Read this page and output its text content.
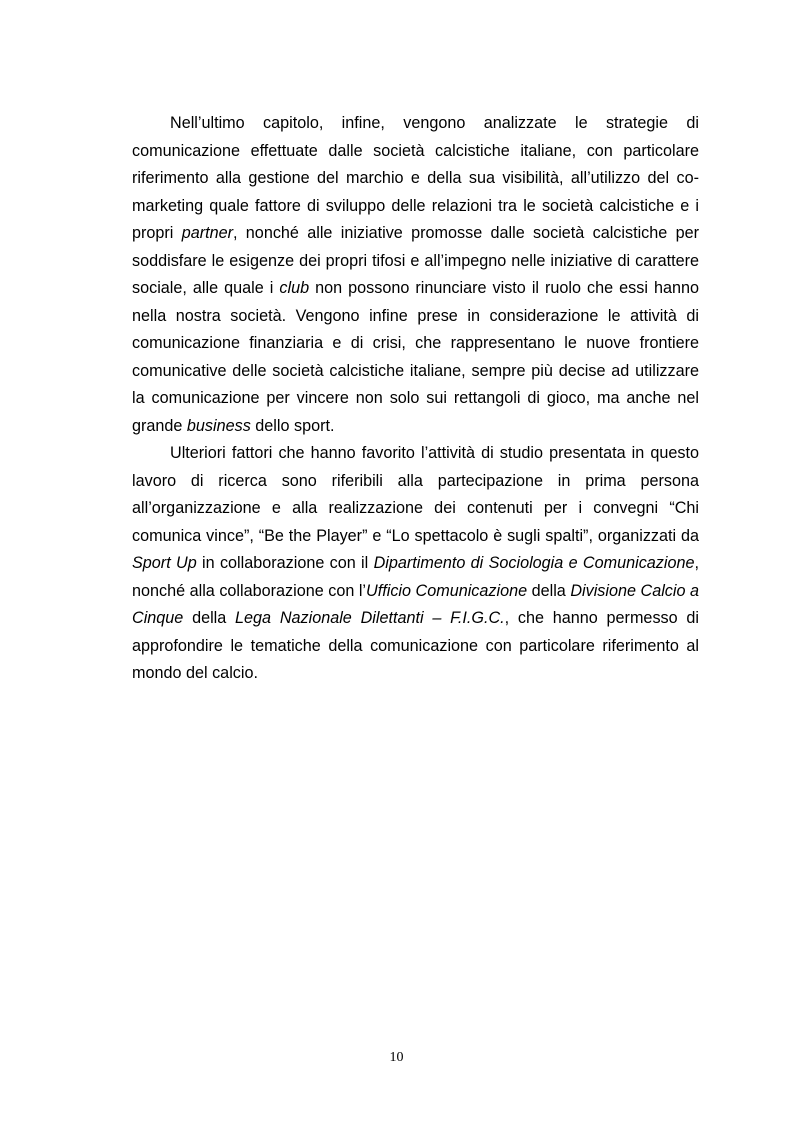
Nell’ultimo capitolo, infine, vengono analizzate le strategie di comunicazione effettuate dalle società calcistiche italiane, con particolare riferimento alla gestione del marchio e della sua visibilità, all’utilizzo del co-marketing quale fattore di sviluppo delle relazioni tra le società calcistiche e i propri partner, nonché alle iniziative promosse dalle società calcistiche per soddisfare le esigenze dei propri tifosi e all’impegno nelle iniziative di carattere sociale, alle quale i club non possono rinunciare visto il ruolo che essi hanno nella nostra società. Vengono infine prese in considerazione le attività di comunicazione finanziaria e di crisi, che rappresentano le nuove frontiere comunicative delle società calcistiche italiane, sempre più decise ad utilizzare la comunicazione per vincere non solo sui rettangoli di gioco, ma anche nel grande business dello sport.

Ulteriori fattori che hanno favorito l’attività di studio presentata in questo lavoro di ricerca sono riferibili alla partecipazione in prima persona all’organizzazione e alla realizzazione dei contenuti per i convegni “Chi comunica vince”, “Be the Player” e “Lo spettacolo è sugli spalti”, organizzati da Sport Up in collaborazione con il Dipartimento di Sociologia e Comunicazione, nonché alla collaborazione con l’Ufficio Comunicazione della Divisione Calcio a Cinque della Lega Nazionale Dilettanti – F.I.G.C., che hanno permesso di approfondire le tematiche della comunicazione con particolare riferimento al mondo del calcio.

10
